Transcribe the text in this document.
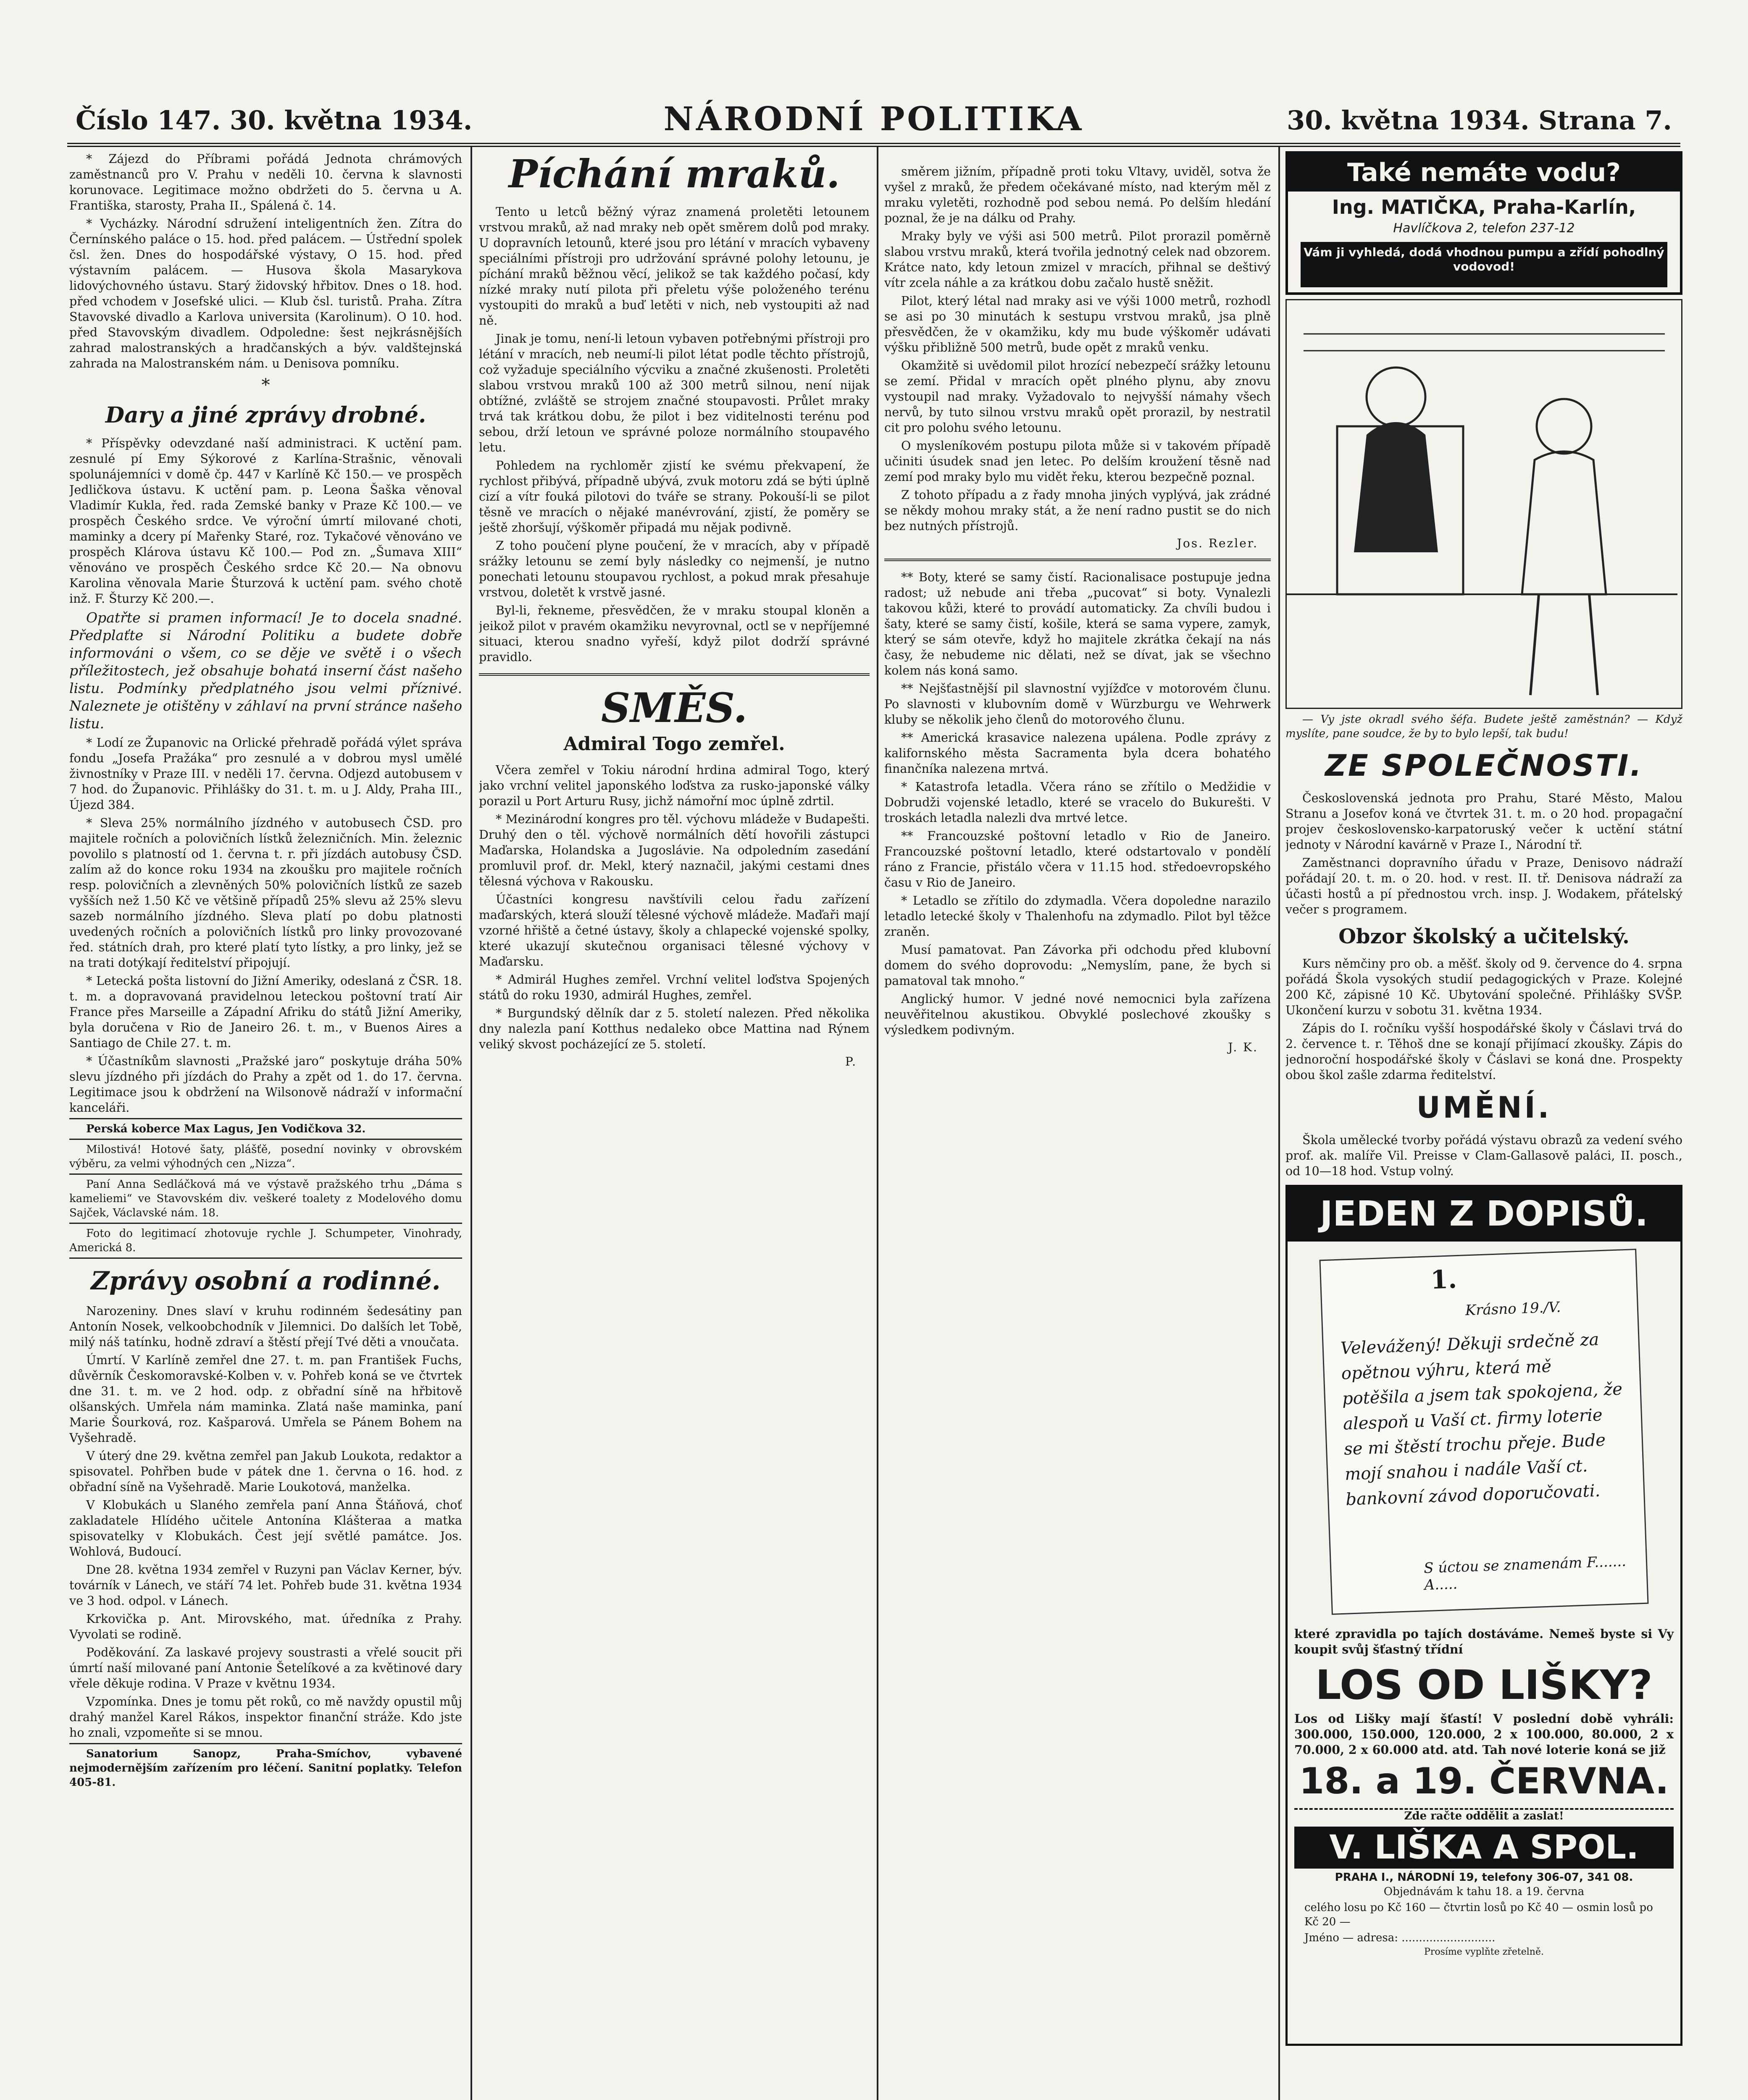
Číslo 147. 30. května 1934.	NÁRODNÍ POLITIKA	30. května 1934. Strana 7.

* Zájezd do Příbrami pořádá Jednota chrámových zaměstnanců pro V. Prahu v neděli 10. června k slavnosti korunovace. Legitimace možno obdržeti do 5. června u A. Františka, starosty, Praha II., Spálená č. 14.

* Vycházky. Národní sdružení inteligentních žen. Zítra do Černínského paláce o 15. hod. před palácem. — Ústřední spolek čsl. žen. Dnes do hospodářské výstavy, O 15. hod. před výstavním palácem. — Husova škola Masarykova lidovýchovného ústavu. Starý židovský hřbitov. Dnes o 18. hod. před vchodem v Josefské ulici. — Klub čsl. turistů. Praha. Zítra Stavovské divadlo a Karlova universita (Karolinum). O 10. hod. před Stavovským divadlem. Odpoledne: šest nejkrásnějších zahrad malostranských a hradčanských a býv. valdštejnská zahrada na Malostranském nám. u Denisova pomníku.

*
Dary a jiné zprávy drobné.

* Příspěvky odevzdané naší administraci. K uctění pam. zesnulé pí Emy Sýkorové z Karlína-Strašnic, věnovali spolunájemníci v domě čp. 447 v Karlíně Kč 150.— ve prospěch Jedličkova ústavu. K uctění pam. p. Leona Šaška věnoval Vladimír Kukla, řed. rada Zemské banky v Praze Kč 100.— ve prospěch Českého srdce. Ve výroční úmrtí milované choti, maminky a dcery pí Mařenky Staré, roz. Tykačové věnováno ve prospěch Klárova ústavu Kč 100.— Pod zn. „Šumava XIII“ věnováno ve prospěch Českého srdce Kč 20.— Na obnovu Karolina věnovala Marie Šturzová k uctění pam. svého chotě inž. F. Šturzy Kč 200.—.

Opatřte si pramen informací! Je to docela snadné. Předplaťte si Národní Politiku a budete dobře informováni o všem, co se děje ve světě i o všech příležitostech, jež obsahuje bohatá inserní část našeho listu. Podmínky předplatného jsou velmi příznivé. Naleznete je otištěny v záhlaví na první stránce našeho listu.

* Lodí ze Županovic na Orlické přehradě pořádá výlet správa fondu „Josefa Pražáka“ pro zesnulé a v dobrou mysl umělé živnostníky v Praze III. v neděli 17. června. Odjezd autobusem v 7 hod. do Županovic. Přihlášky do 31. t. m. u J. Aldy, Praha III., Újezd 384.

* Sleva 25% normálního jízdného v autobusech ČSD. pro majitele ročních a polovičních lístků železničních. Min. železnic povolilo s platností od 1. června t. r. při jízdách autobusy ČSD. zalím až do konce roku 1934 na zkoušku pro majitele ročních resp. polovičních a zlevněných 50% polovičních lístků ze sazeb vyšších než 1.50 Kč ve většině případů 25% slevu až 25% slevu sazeb normálního jízdného. Sleva platí po dobu platnosti uvedených ročních a polovičních lístků pro linky provozované řed. státních drah, pro které platí tyto lístky, a pro linky, jež se na trati dotýkají ředitelství připojují.

* Letecká pošta listovní do Jižní Ameriky, odeslaná z ČSR. 18. t. m. a dopravovaná pravidelnou leteckou poštovní tratí Air France přes Marseille a Západní Afriku do států Jižní Ameriky, byla doručena v Rio de Janeiro 26. t. m., v Buenos Aires a Santiago de Chile 27. t. m.

* Účastníkům slavnosti „Pražské jaro“ poskytuje dráha 50% slevu jízdného při jízdách do Prahy a zpět od 1. do 17. června. Legitimace jsou k obdržení na Wilsonově nádraží v informační kanceláři.

Perská koberce Max Lagus, Jen Vodičkova 32.

Milostivá! Hotové šaty, plášťě, posední novinky v obrovském výběru, za velmi výhodných cen „Nizza“.

Paní Anna Sedláčková má ve výstavě pražského trhu „Dáma s kameliemi“ ve Stavovském div. veškeré toalety z Modelového domu Sajček, Václavské nám. 18.

Foto do legitimací zhotovuje rychle J. Schumpeter, Vinohrady, Americká 8.

Zprávy osobní a rodinné.

Narozeniny. Dnes slaví v kruhu rodinném šedesátiny pan Antonín Nosek, velkoobchodník v Jilemnici. Do dalších let Tobě, milý náš tatínku, hodně zdraví a štěstí přejí Tvé děti a vnoučata.

Úmrtí. V Karlíně zemřel dne 27. t. m. pan František Fuchs, důvěrník Českomoravské-Kolben v. v. Pohřeb koná se ve čtvrtek dne 31. t. m. ve 2 hod. odp. z obřadní síně na hřbitově olšanských. Umřela nám maminka. Zlatá naše maminka, paní Marie Šourková, roz. Kašparová. Umřela se Pánem Bohem na Vyšehradě.

V úterý dne 29. května zemřel pan Jakub Loukota, redaktor a spisovatel. Pohřben bude v pátek dne 1. června o 16. hod. z obřadní síně na Vyšehradě. Marie Loukotová, manželka.

V Klobukách u Slaného zemřela paní Anna Štáňová, choť zakladatele Hlídého učitele Antonína Klášteraa a matka spisovatelky v Klobukách. Čest její světlé památce. Jos. Wohlová, Budoucí.

Dne 28. května 1934 zemřel v Ruzyni pan Václav Kerner, býv. továrník v Lánech, ve stáří 74 let. Pohřeb bude 31. května 1934 ve 3 hod. odpol. v Lánech.

Krkovička p. Ant. Mirovského, mat. úředníka z Prahy. Vyvolati se rodině.

Poděkování. Za laskavé projevy soustrasti a vřelé soucit při úmrtí naší milované paní Antonie Šetelíkové a za květinové dary vřele děkuje rodina. V Praze v květnu 1934.

Vzpomínka. Dnes je tomu pět roků, co mě navždy opustil můj drahý manžel Karel Rákos, inspektor finanční stráže. Kdo jste ho znali, vzpomeňte si se mnou.

Sanatorium Sanopz, Praha-Smíchov, vybavené nejmodernějším zařízením pro léčení. Sanitní poplatky. Telefon 405-81.

Píchání mraků.

Tento u letců běžný výraz znamená proletěti letounem vrstvou mraků, až nad mraky neb opět směrem dolů pod mraky. U dopravních letounů, které jsou pro létání v mracích vybaveny speciálními přístroji pro udržování správné polohy letounu, je píchání mraků běžnou věcí, jelikož se tak každého počasí, kdy nízké mraky nutí pilota při přeletu výše položeného terénu vystoupiti do mraků a buď letěti v nich, neb vystoupiti až nad ně.

Jinak je tomu, není-li letoun vybaven potřebnými přístroji pro létání v mracích, neb neumí-li pilot létat podle těchto přístrojů, což vyžaduje speciálního výcviku a značné zkušenosti. Proletěti slabou vrstvou mraků 100 až 300 metrů silnou, není nijak obtížné, zvláště se strojem značné stoupavosti. Průlet mraky trvá tak krátkou dobu, že pilot i bez viditelnosti terénu pod sebou, drží letoun ve správné poloze normálního stoupavého letu.

Pohledem na rychloměr zjistí ke svému překvapení, že rychlost přibývá, případně ubývá, zvuk motoru zdá se býti úplně cizí a vítr fouká pilotovi do tváře se strany. Pokouší-li se pilot těsně ve mracích o nějaké manévrování, zjistí, že poměry se ještě zhoršují, výškoměr připadá mu nějak podivně.

Z toho poučení plyne poučení, že v mracích, aby v případě srážky letounu se zemí byly následky co nejmenší, je nutno ponechati letounu stoupavou rychlost, a pokud mrak přesahuje vrstvou, doletět k vrstvě jasné.

Byl-li, řekneme, přesvědčen, že v mraku stoupal kloněn a jeikož pilot v pravém okamžiku nevyrovnal, octl se v nepříjemné situaci, kterou snadno vyřeší, když pilot dodrží správné pravidlo.

SMĚS.
Admiral Togo zemřel.

Včera zemřel v Tokiu národní hrdina admiral Togo, který jako vrchní velitel japonského loďstva za rusko-japonské války porazil u Port Arturu Rusy, jichž námořní moc úplně zdrtil.

* Mezinárodní kongres pro těl. výchovu mládeže v Budapešti. Druhý den o těl. výchově normálních dětí hovořili zástupci Maďarska, Holandska a Jugoslávie. Na odpoledním zasedání promluvil prof. dr. Mekl, který naznačil, jakými cestami dnes tělesná výchova v Rakousku.

Účastníci kongresu navštívili celou řadu zařízení maďarských, která slouží tělesné výchově mládeže. Maďaři mají vzorné hřiště a četné ústavy, školy a chlapecké vojenské spolky, které ukazují skutečnou organisaci tělesné výchovy v Maďarsku.

* Admirál Hughes zemřel. Vrchní velitel loďstva Spojených států do roku 1930, admirál Hughes, zemřel.

* Burgundský dělník dar z 5. století nalezen. Před několika dny nalezla paní Kotthus nedaleko obce Mattina nad Rýnem veliký skvost pocházející ze 5. století.

P.

směrem jižním, případně proti toku Vltavy, uviděl, sotva že vyšel z mraků, že předem očekávané místo, nad kterým měl z mraku vyletěti, rozhodně pod sebou nemá. Po delším hledání poznal, že je na dálku od Prahy.

Mraky byly ve výši asi 500 metrů. Pilot prorazil poměrně slabou vrstvu mraků, která tvořila jednotný celek nad obzorem. Krátce nato, kdy letoun zmizel v mracích, přihnal se deštivý vítr zcela náhle a za krátkou dobu začalo hustě sněžit.

Pilot, který létal nad mraky asi ve výši 1000 metrů, rozhodl se asi po 30 minutách k sestupu vrstvou mraků, jsa plně přesvědčen, že v okamžiku, kdy mu bude výškoměr udávati výšku přibližně 500 metrů, bude opět z mraků venku.

Okamžitě si uvědomil pilot hrozící nebezpečí srážky letounu se zemí. Přidal v mracích opět plného plynu, aby znovu vystoupil nad mraky. Vyžadovalo to nejvyšší námahy všech nervů, by tuto silnou vrstvu mraků opět prorazil, by nestratil cit pro polohu svého letounu.

O mysleníkovém postupu pilota může si v takovém případě učiniti úsudek snad jen letec. Po delším kroužení těsně nad zemí pod mraky bylo mu vidět řeku, kterou bezpečně poznal.

Z tohoto případu a z řady mnoha jiných vyplývá, jak zrádné se někdy mohou mraky stát, a že není radno pustit se do nich bez nutných přístrojů.

Jos. Rezler.

** Boty, které se samy čistí. Racionalisace postupuje jedna radost; už nebude ani třeba „pucovat“ si boty. Vynalezli takovou kůži, které to provádí automaticky. Za chvíli budou i šaty, které se samy čistí, košile, která se sama vypere, zamyk, který se sám otevře, když ho majitele zkrátka čekají na nás časy, že nebudeme nic dělati, než se dívat, jak se všechno kolem nás koná samo.

** Nejšťastnější pil slavnostní vyjížďce v motorovém člunu. Po slavnosti v klubovním domě v Würzburgu ve Wehrwerk kluby se několik jeho členů do motorového člunu.

** Americká krasavice nalezena upálena. Podle zprávy z kalifornského města Sacramenta byla dcera bohatého finančníka nalezena mrtvá.

* Katastrofa letadla. Včera ráno se zřítilo o Medžidie v Dobrudži vojenské letadlo, které se vracelo do Bukurešti. V troskách letadla nalezli dva mrtvé letce.

** Francouzské poštovní letadlo v Rio de Janeiro. Francouzské poštovní letadlo, které odstartovalo v pondělí ráno z Francie, přistálo včera v 11.15 hod. středoevropského času v Rio de Janeiro.

* Letadlo se zřítilo do zdymadla. Včera dopoledne narazilo letadlo letecké školy v Thalenhofu na zdymadlo. Pilot byl těžce zraněn.

Musí pamatovat. Pan Závorka při odchodu před klubovní domem do svého doprovodu: „Nemyslím, pane, že bych si pamatoval tak mnoho.“

Anglický humor. V jedné nové nemocnici byla zařízena neuvěřitelnou akustikou. Obvyklé poslechové zkoušky s výsledkem podivným.

J. K.
Také nemáte vodu?
Ing. MATIČKA, Praha-Karlín,
Havlíčkova 2, telefon 237-12
Vám ji vyhledá, dodá vhodnou pumpu a zřídí pohodlný vodovod!

— Vy jste okradl svého šéfa. Budete ještě zaměstnán? — Když myslíte, pane soudce, že by to bylo lepší, tak budu!

ZE SPOLEČNOSTI.

Československá jednota pro Prahu, Staré Město, Malou Stranu a Josefov koná ve čtvrtek 31. t. m. o 20 hod. propagační projev československo-karpatoruský večer k uctění státní jednoty v Národní kavárně v Praze I., Národní tř.

Zaměstnanci dopravního úřadu v Praze, Denisovo nádraží pořádají 20. t. m. o 20. hod. v rest. II. tř. Denisova nádraží za účasti hostů a pí přednostou vrch. insp. J. Wodakem, přátelský večer s programem.

Obzor školský a učitelský.

Kurs němčiny pro ob. a měšť. školy od 9. července do 4. srpna pořádá Škola vysokých studií pedagogických v Praze. Kolejné 200 Kč, zápisné 10 Kč. Ubytování společné. Přihlášky SVŠP. Ukončení kurzu v sobotu 31. května 1934.

Zápis do I. ročníku vyšší hospodářské školy v Čáslavi trvá do 2. července t. r. Těhoš dne se konají přijímací zkoušky. Zápis do jednoroční hospodářské školy v Čáslavi se koná dne. Prospekty obou škol zašle zdarma ředitelství.

UMĚNÍ.

Škola umělecké tvorby pořádá výstavu obrazů za vedení svého prof. ak. malíře Vil. Preisse v Clam-Gallasově paláci, II. posch., od 10—18 hod. Vstup volný.

JEDEN Z DOPISŮ.
1.
Krásno 19./V.
Velevážený! Děkuji srdečně za opětnou výhru, která mě potěšila a jsem tak spokojena, že alespoň u Vaší ct. firmy loterie se mi štěstí trochu přeje. Bude mojí snahou i nadále Vaší ct. bankovní závod doporučovati.
S úctou se znamenám F....... A.....

které zpravidla po tajích dostáváme. Nemeš byste si Vy koupit svůj šťastný třídní

LOS OD LIŠKY?

Los od Lišky mají šťastí! V poslední době vyhráli: 300.000, 150.000, 120.000, 2 x 100.000, 80.000, 2 x 70.000, 2 x 60.000 atd. atd. Tah nové loterie koná se již

18. a 19. ČERVNA.
Zde račte oddělit a zaslat!
V. LIŠKA A SPOL.
PRAHA I., NÁRODNÍ 19, telefony 306-07, 341 08.
Objednávám k tahu 18. a 19. června
celého losu po Kč 160 — čtvrtin losů po Kč 40 — osmin losů po Kč 20 —
Jméno — adresa: ...........................
Prosíme vyplňte zřetelně.
